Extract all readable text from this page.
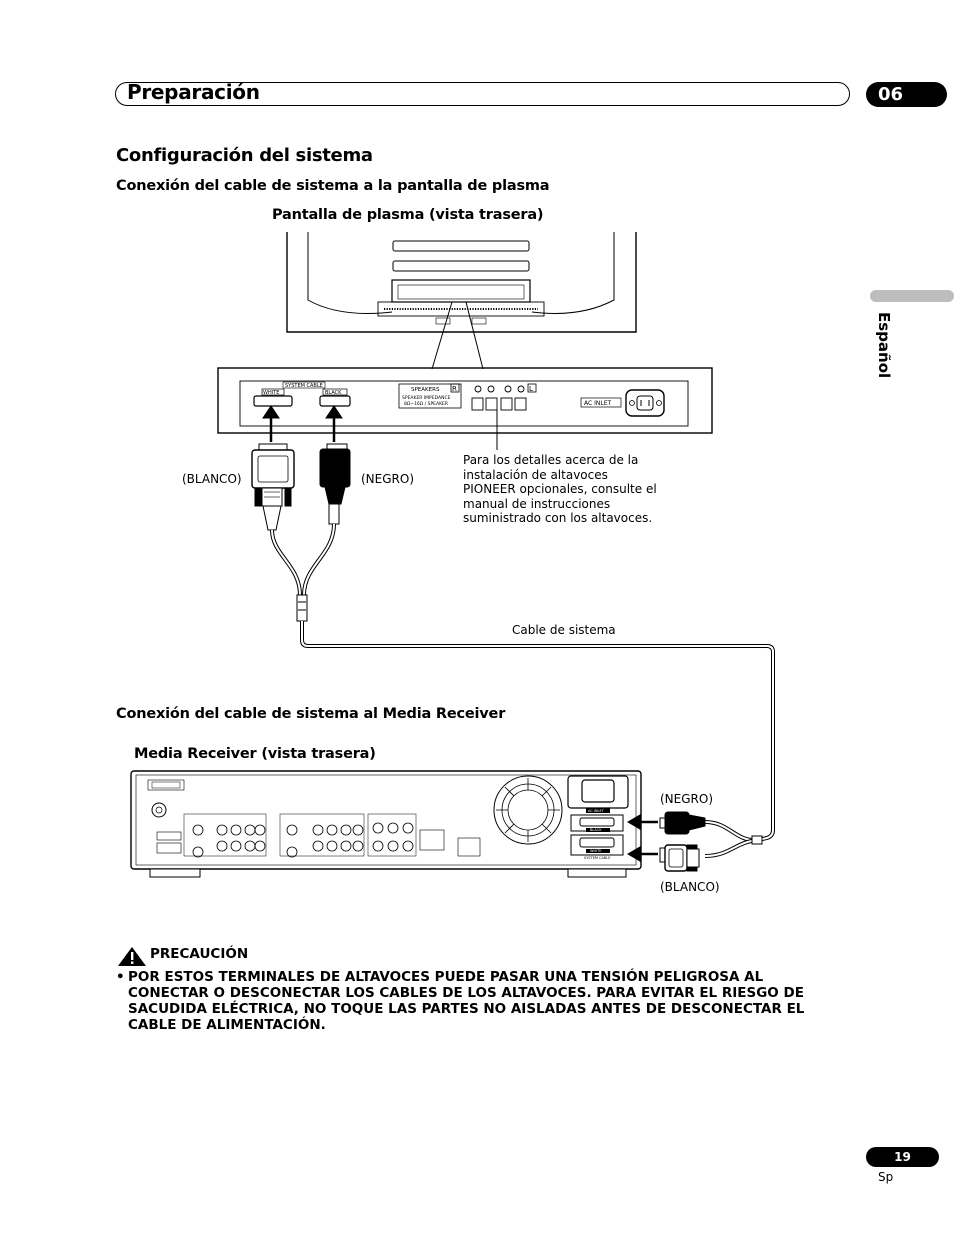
Preparación	06
Español
Configuración del sistema
Conexión del cable de sistema a la pantalla de plasma
Pantalla de plasma (vista trasera)
Conexión del cable de sistema al Media Receiver
Media Receiver (vista trasera)
(BLANCO)	(NEGRO)
Para los detalles acerca de la instalación de altavoces PIONEER opcionales, consulte el manual de instrucciones suministrado con los altavoces.
Cable de sistema
(NEGRO)
(BLANCO)
SYSTEM CABLE
WHITE	BLACK	SPEAKERS
SPEAKER IMPEDANCE
8Ω~16Ω / SPEAKER
R	L
AC INLET
AC INLET
BLACK
WHITE
SYSTEM CABLE
PRECAUCIÓN
• POR ESTOS TERMINALES DE ALTAVOCES PUEDE PASAR UNA TENSIÓN PELIGROSA AL CONECTAR O DESCONECTAR LOS CABLES DE LOS ALTAVOCES. PARA EVITAR EL RIESGO DE SACUDIDA ELÉCTRICA, NO TOQUE LAS PARTES NO AISLADAS ANTES DE DESCONECTAR EL CABLE DE ALIMENTACIÓN.
19
Sp
